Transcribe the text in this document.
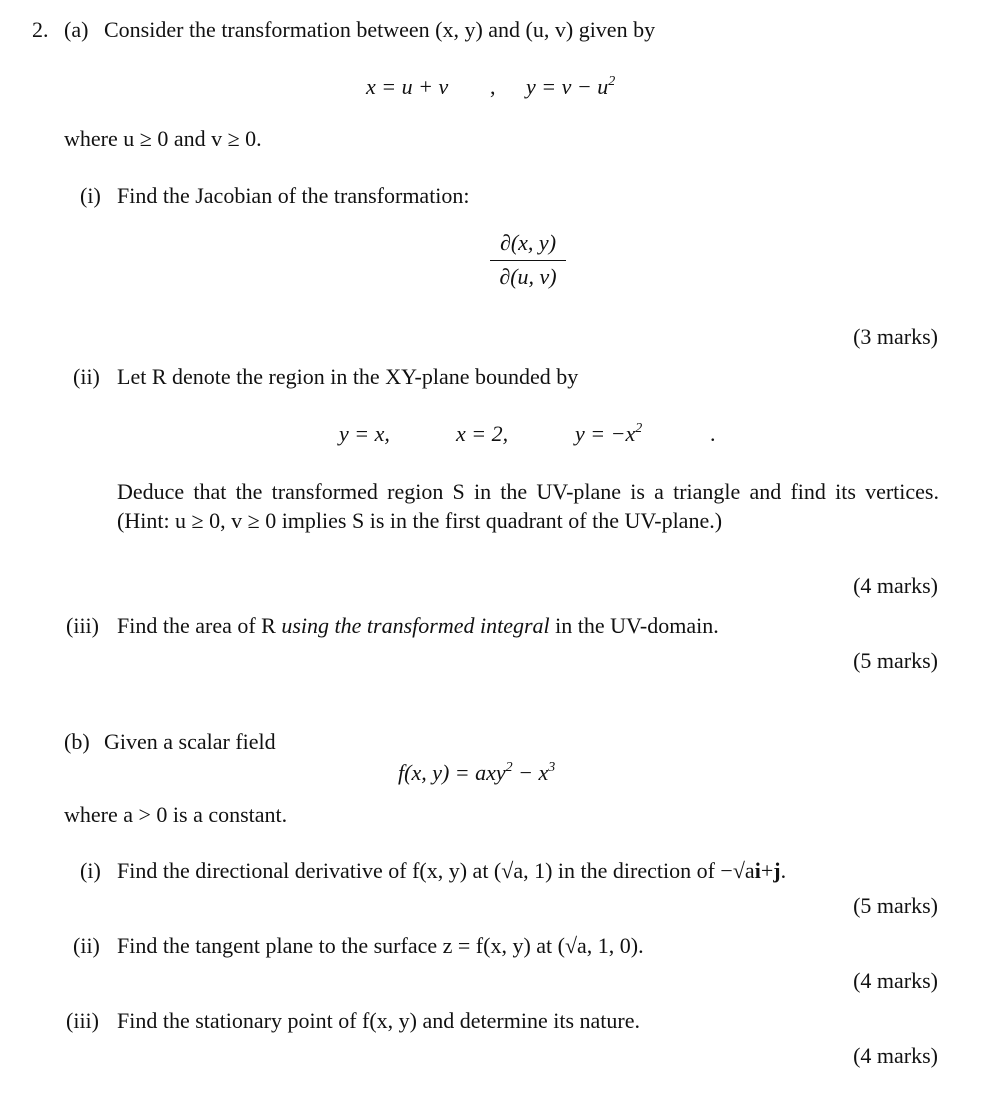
2. (a) Consider the transformation between (x, y) and (u, v) given by
x = u + v , $y = v - u^2$
where u ≥ 0 and v ≥ 0.
(i) Find the Jacobian of the transformation:
∂(x, y)
∂(u, v)
(3 marks)
(ii) Let R denote the region in the XY-plane bounded by
y = x,	x = 2,	$y = -x^2$	.
Deduce that the transformed region S in the UV-plane is a triangle and find its vertices. (Hint: u ≥ 0, v ≥ 0 implies S is in the first quadrant of the UV-plane.)
(4 marks)
(iii) Find the area of R using the transformed integral in the UV-domain.
(5 marks)
(b) Given a scalar field
f(x, $y) = axy^2 - x^3$
where a > 0 is a constant.
(i) Find the directional derivative of f(x, y) at (√a, 1) in the direction of −√ai+j.
(5 marks)
(ii) Find the tangent plane to the surface z = f(x, y) at (√a, 1, 0).
(4 marks)
(iii) Find the stationary point of f(x, y) and determine its nature.
(4 marks)
